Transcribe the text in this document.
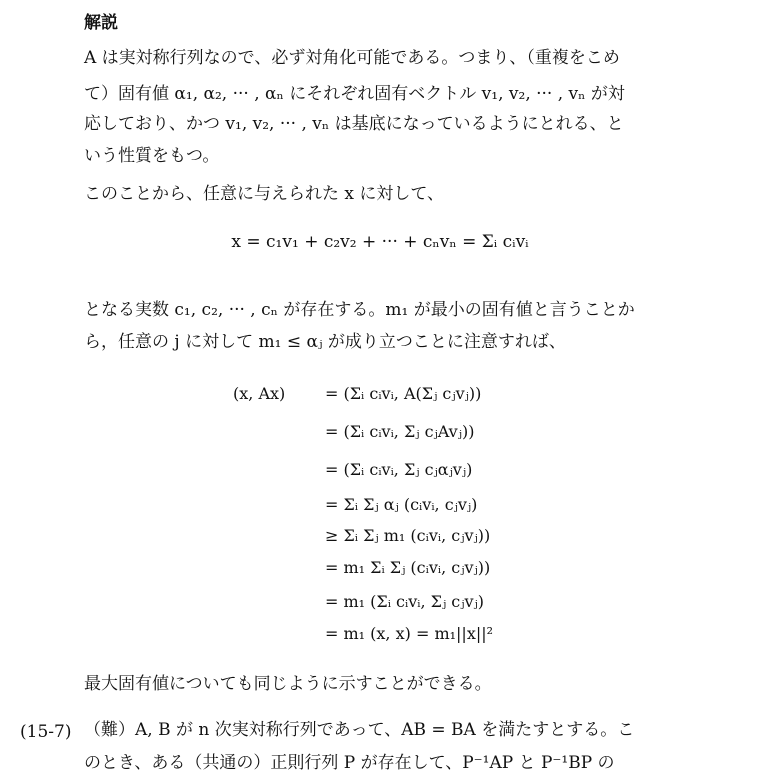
解説
A は実対称行列なので、必ず対角化可能である。つまり、（重複をこめ
て）固有値 α₁, α₂, ··· , αₙ にそれぞれ固有ベクトル v₁, v₂, ··· , vₙ が対
応しており、かつ v₁, v₂, ··· , vₙ は基底になっているようにとれる、と
いう性質をもつ。
このことから、任意に与えられた x に対して、
x = c₁v₁ + c₂v₂ + ··· + cₙvₙ = Σᵢ cᵢvᵢ
となる実数 c₁, c₂, ··· , cₙ が存在する。m₁ が最小の固有値と言うことか
ら，任意の j に対して m₁ ≤ αⱼ が成り立つことに注意すれば、
(x, Ax) = (Σᵢ cᵢvᵢ, A(Σⱼ cⱼvⱼ))
= (Σᵢ cᵢvᵢ, Σⱼ cⱼAvⱼ))
= (Σᵢ cᵢvᵢ, Σⱼ cⱼαⱼvⱼ)
= Σᵢ Σⱼ αⱼ (cᵢvᵢ, cⱼvⱼ)
≥ Σᵢ Σⱼ m₁ (cᵢvᵢ, cⱼvⱼ))
= m₁ Σᵢ Σⱼ (cᵢvᵢ, cⱼvⱼ))
= m₁ (Σᵢ cᵢvᵢ, Σⱼ cⱼvⱼ)
= m₁ (x, x) = m₁||x||²
最大固有値についても同じように示すことができる。
(15-7) （難）A, B が n 次実対称行列であって、AB = BA を満たすとする。こ
のとき、ある（共通の）正則行列 P が存在して、P⁻¹AP と P⁻¹BP の
